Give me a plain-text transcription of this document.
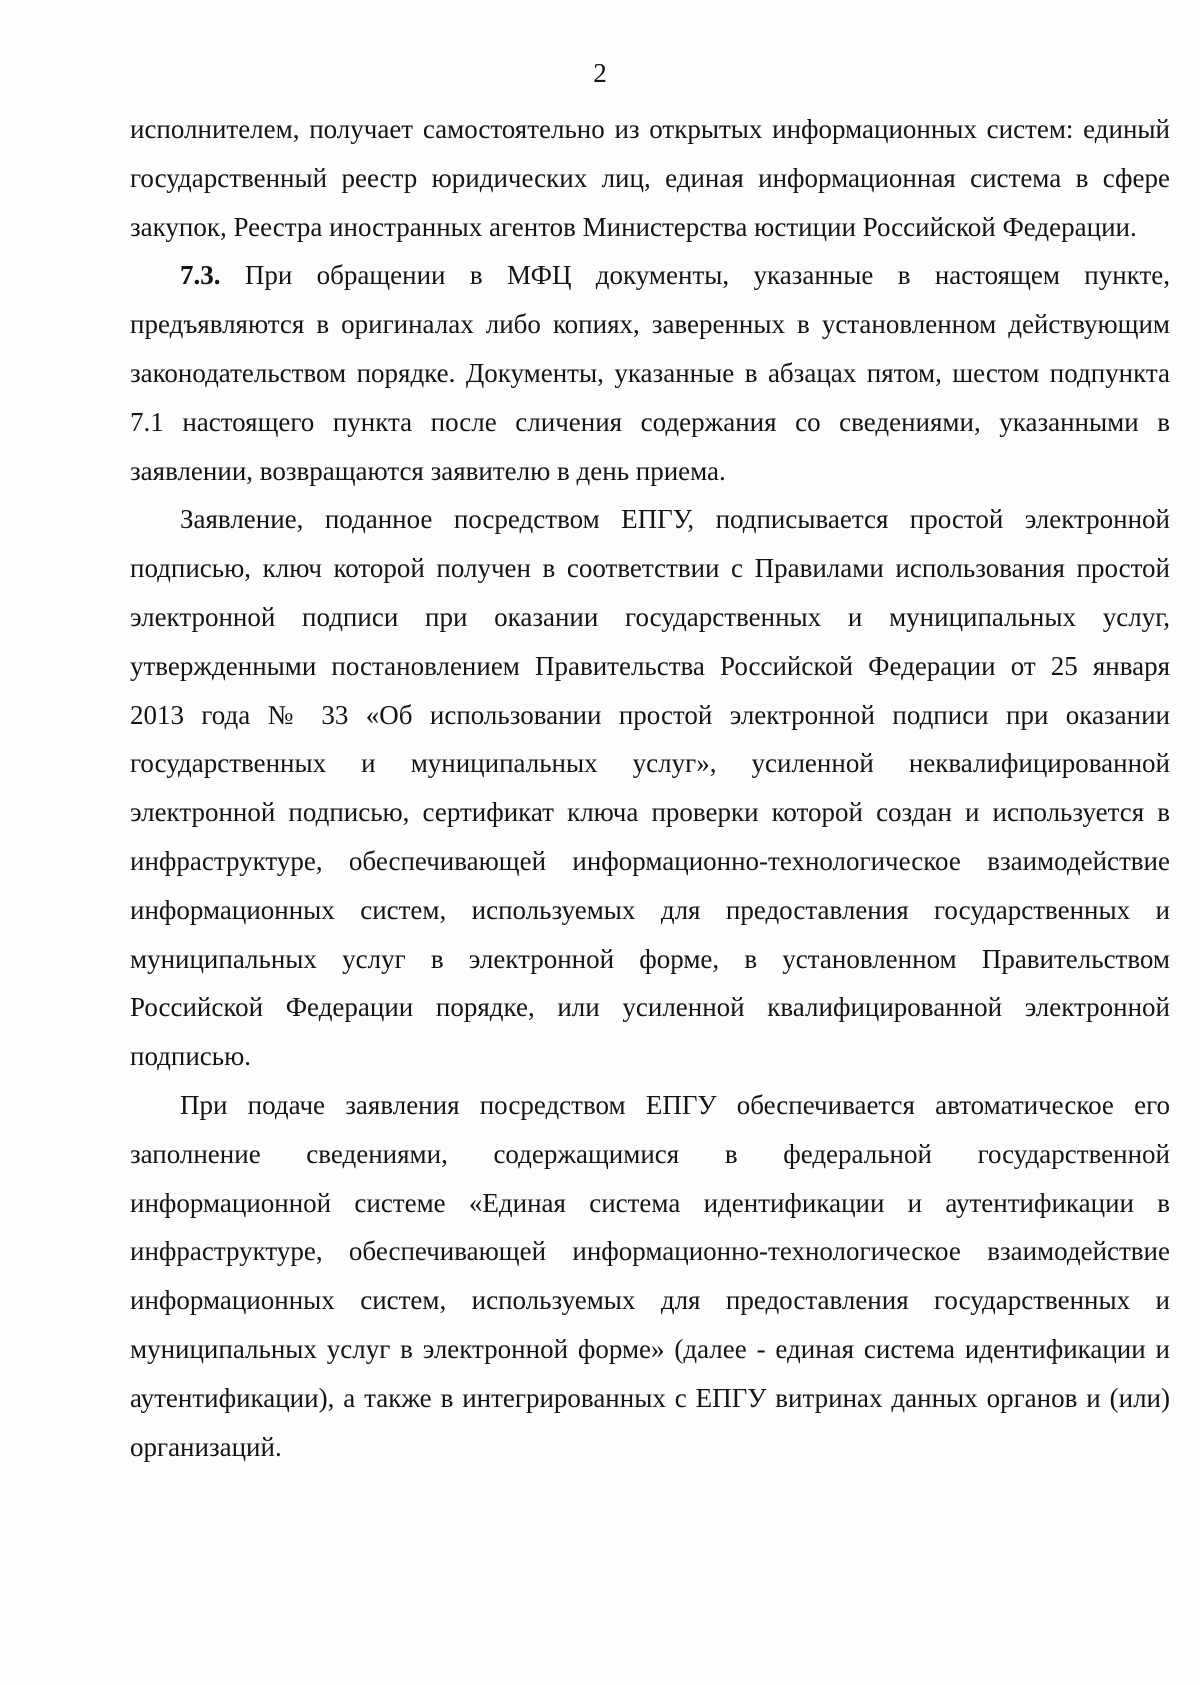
2

исполнителем, получает самостоятельно из открытых информационных систем: единый государственный реестр юридических лиц, единая информационная система в сфере закупок, Реестра иностранных агентов Министерства юстиции Российской Федерации.

7.3. При обращении в МФЦ документы, указанные в настоящем пункте, предъявляются в оригиналах либо копиях, заверенных в установленном действующим законодательством порядке. Документы, указанные в абзацах пятом, шестом подпункта 7.1 настоящего пункта после сличения содержания со сведениями, указанными в заявлении, возвращаются заявителю в день приема.

Заявление, поданное посредством ЕПГУ, подписывается простой электронной подписью, ключ которой получен в соответствии с Правилами использования простой электронной подписи при оказании государственных и муниципальных услуг, утвержденными постановлением Правительства Российской Федерации от 25 января 2013 года № 33 «Об использовании простой электронной подписи при оказании государственных и муниципальных услуг», усиленной неквалифицированной электронной подписью, сертификат ключа проверки которой создан и используется в инфраструктуре, обеспечивающей информационно-технологическое взаимодействие информационных систем, используемых для предоставления государственных и муниципальных услуг в электронной форме, в установленном Правительством Российской Федерации порядке, или усиленной квалифицированной электронной подписью.

При подаче заявления посредством ЕПГУ обеспечивается автоматическое его заполнение сведениями, содержащимися в федеральной государственной информационной системе «Единая система идентификации и аутентификации в инфраструктуре, обеспечивающей информационно-технологическое взаимодействие информационных систем, используемых для предоставления государственных и муниципальных услуг в электронной форме» (далее - единая система идентификации и аутентификации), а также в интегрированных с ЕПГУ витринах данных органов и (или) организаций.
